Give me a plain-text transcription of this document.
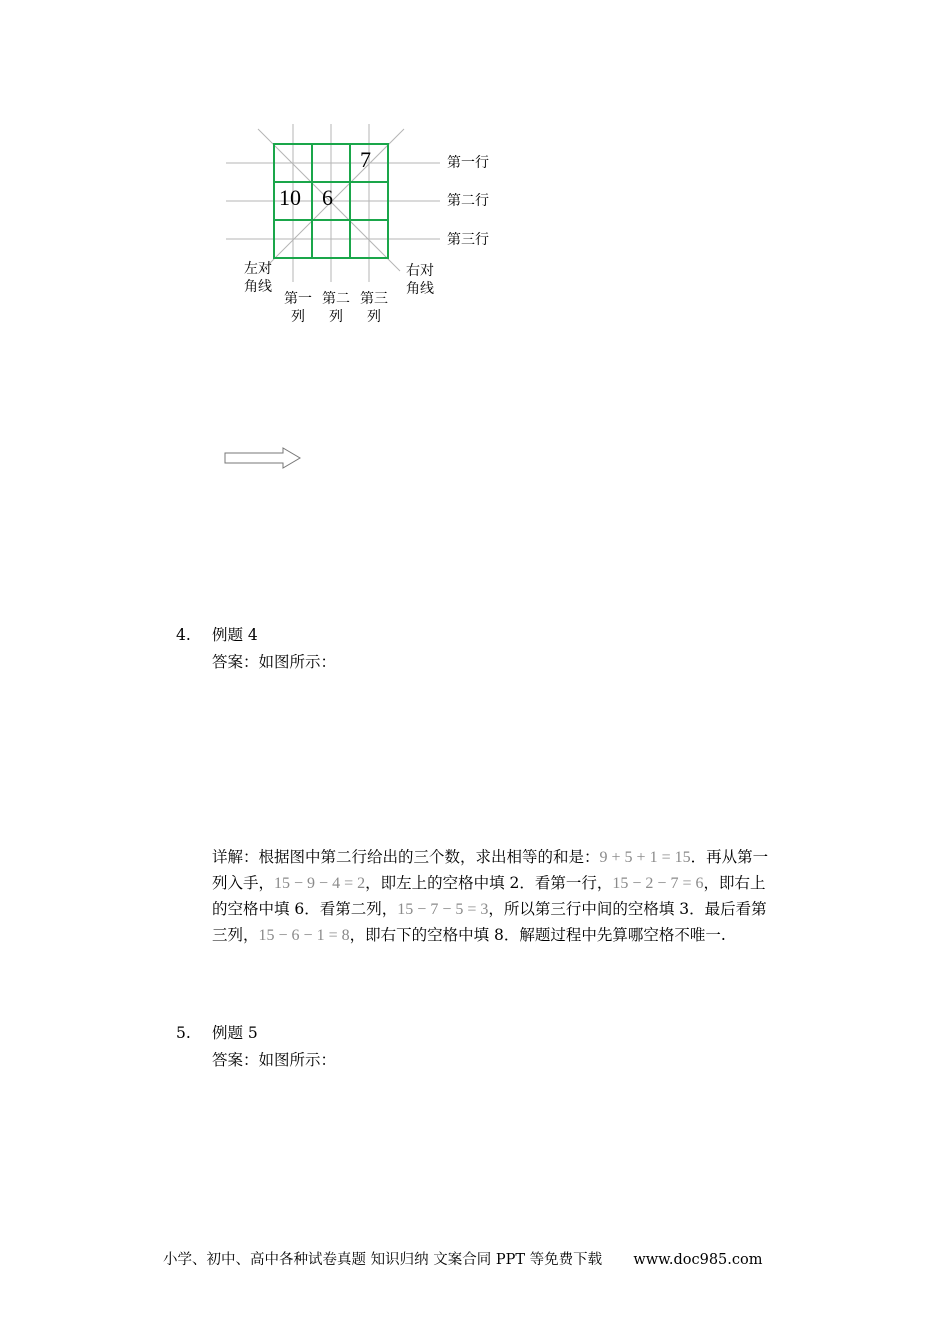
7
10 6
第一行
第二行
第三行
左对
角线
右对
角线
第一
列
第二
列
第三
列
4. 例题 4
答案：如图所示：
详解：根据图中第二行给出的三个数，求出相等的和是：9 + 5 + 1 = 15．再从第一
列入手，15 − 9 − 4 = 2，即左上的空格中填 2．看第一行，15 − 2 − 7 = 6，即右上
的空格中填 6．看第二列，15 − 7 − 5 = 3，所以第三行中间的空格填 3．最后看第
三列，15 − 6 − 1 = 8，即右下的空格中填 8．解题过程中先算哪空格不唯一.
5. 例题 5
答案：如图所示：
小学、初中、高中各种试卷真题 知识归纳 文案合同 PPT 等免费下载 www.doc985.com
